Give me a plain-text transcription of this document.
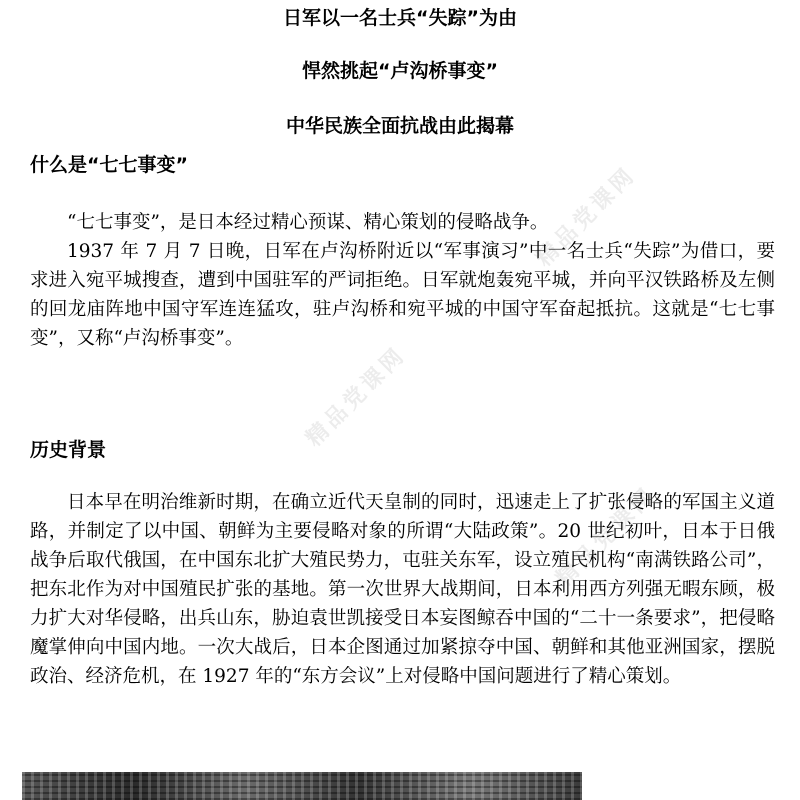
精品党课网
精品党课网
精品党课网
日军以一名士兵“失踪”为由
悍然挑起“卢沟桥事变”
中华民族全面抗战由此揭幕
什么是“七七事变”

“七七事变”，是日本经过精心预谋、精心策划的侵略战争。

1937 年 7 月 7 日晚，日军在卢沟桥附近以“军事演习”中一名士兵“失踪”为借口，要求进入宛平城搜查，遭到中国驻军的严词拒绝。日军就炮轰宛平城，并向平汉铁路桥及左侧的回龙庙阵地中国守军连连猛攻，驻卢沟桥和宛平城的中国守军奋起抵抗。这就是“七七事变”，又称“卢沟桥事变”。

历史背景

日本早在明治维新时期，在确立近代天皇制的同时，迅速走上了扩张侵略的军国主义道路，并制定了以中国、朝鲜为主要侵略对象的所谓“大陆政策”。20 世纪初叶，日本于日俄战争后取代俄国，在中国东北扩大殖民势力，屯驻关东军，设立殖民机构“南满铁路公司”，把东北作为对中国殖民扩张的基地。第一次世界大战期间，日本利用西方列强无暇东顾，极力扩大对华侵略，出兵山东，胁迫袁世凯接受日本妄图鲸吞中国的“二十一条要求”，把侵略魔掌伸向中国内地。一次大战后，日本企图通过加紧掠夺中国、朝鲜和其他亚洲国家，摆脱政治、经济危机，在 1927 年的“东方会议”上对侵略中国问题进行了精心策划。
